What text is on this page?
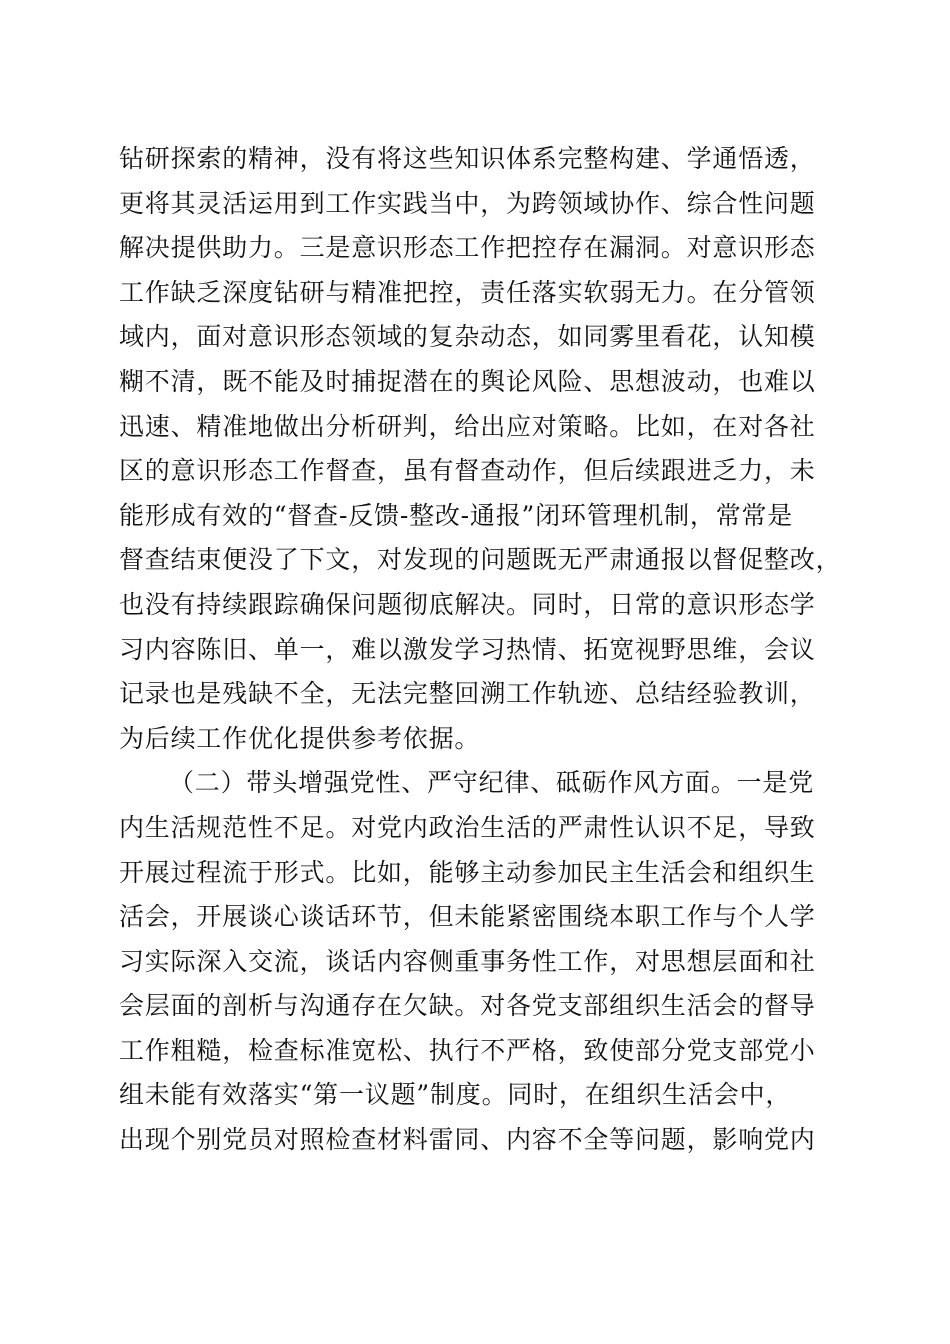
钻研探索的精神，没有将这些知识体系完整构建、学通悟透，
更将其灵活运用到工作实践当中，为跨领域协作、综合性问题
解决提供助力。三是意识形态工作把控存在漏洞。对意识形态
工作缺乏深度钻研与精准把控，责任落实软弱无力。在分管领
域内，面对意识形态领域的复杂动态，如同雾里看花，认知模
糊不清，既不能及时捕捉潜在的舆论风险、思想波动，也难以
迅速、精准地做出分析研判，给出应对策略。比如，在对各社
区的意识形态工作督查，虽有督查动作，但后续跟进乏力，未
能形成有效的“督查-反馈-整改-通报”闭环管理机制，常常是
督查结束便没了下文，对发现的问题既无严肃通报以督促整改，
也没有持续跟踪确保问题彻底解决。同时，日常的意识形态学
习内容陈旧、单一，难以激发学习热情、拓宽视野思维，会议
记录也是残缺不全，无法完整回溯工作轨迹、总结经验教训，
为后续工作优化提供参考依据。
（二）带头增强党性、严守纪律、砥砺作风方面。一是党
内生活规范性不足。对党内政治生活的严肃性认识不足，导致
开展过程流于形式。比如，能够主动参加民主生活会和组织生
活会，开展谈心谈话环节，但未能紧密围绕本职工作与个人学
习实际深入交流，谈话内容侧重事务性工作，对思想层面和社
会层面的剖析与沟通存在欠缺。对各党支部组织生活会的督导
工作粗糙，检查标准宽松、执行不严格，致使部分党支部党小
组未能有效落实“第一议题”制度。同时，在组织生活会中，
出现个别党员对照检查材料雷同、内容不全等问题，影响党内
